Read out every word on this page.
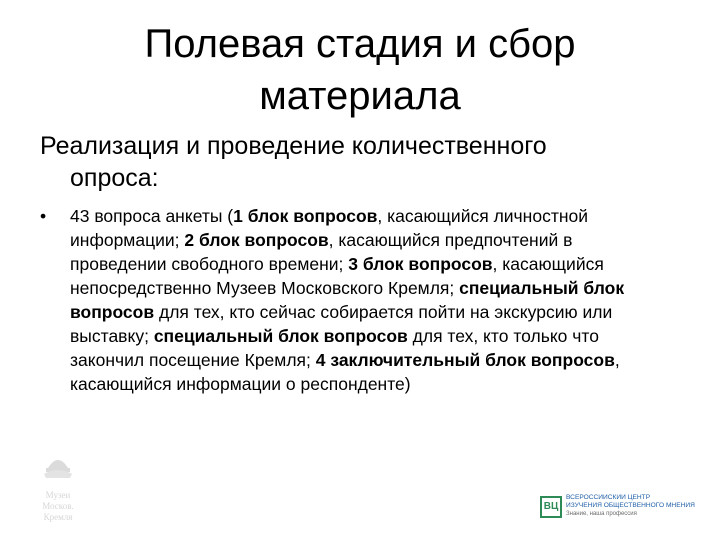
Полевая стадия и сбор
материала
Реализация и проведение количественного
опроса:
• 43 вопроса анкеты (1 блок вопросов, касающийся личностной информации; 2 блок вопросов, касающийся предпочтений в проведении свободного времени; 3 блок вопросов, касающийся непосредственно Музеев Московского Кремля; специальный блок вопросов для тех, кто сейчас собирается пойти на экскурсию или выставку; специальный блок вопросов для тех, кто только что закончил посещение Кремля; 4 заключительный блок вопросов, касающийся информации о респонденте)
Музеи
Москов.
Кремля
ВЦ
ВСЕРОССИЙСКИЙ ЦЕНТР
ИЗУЧЕНИЯ ОБЩЕСТВЕННОГО МНЕНИЯ
Знание, наша профессия
